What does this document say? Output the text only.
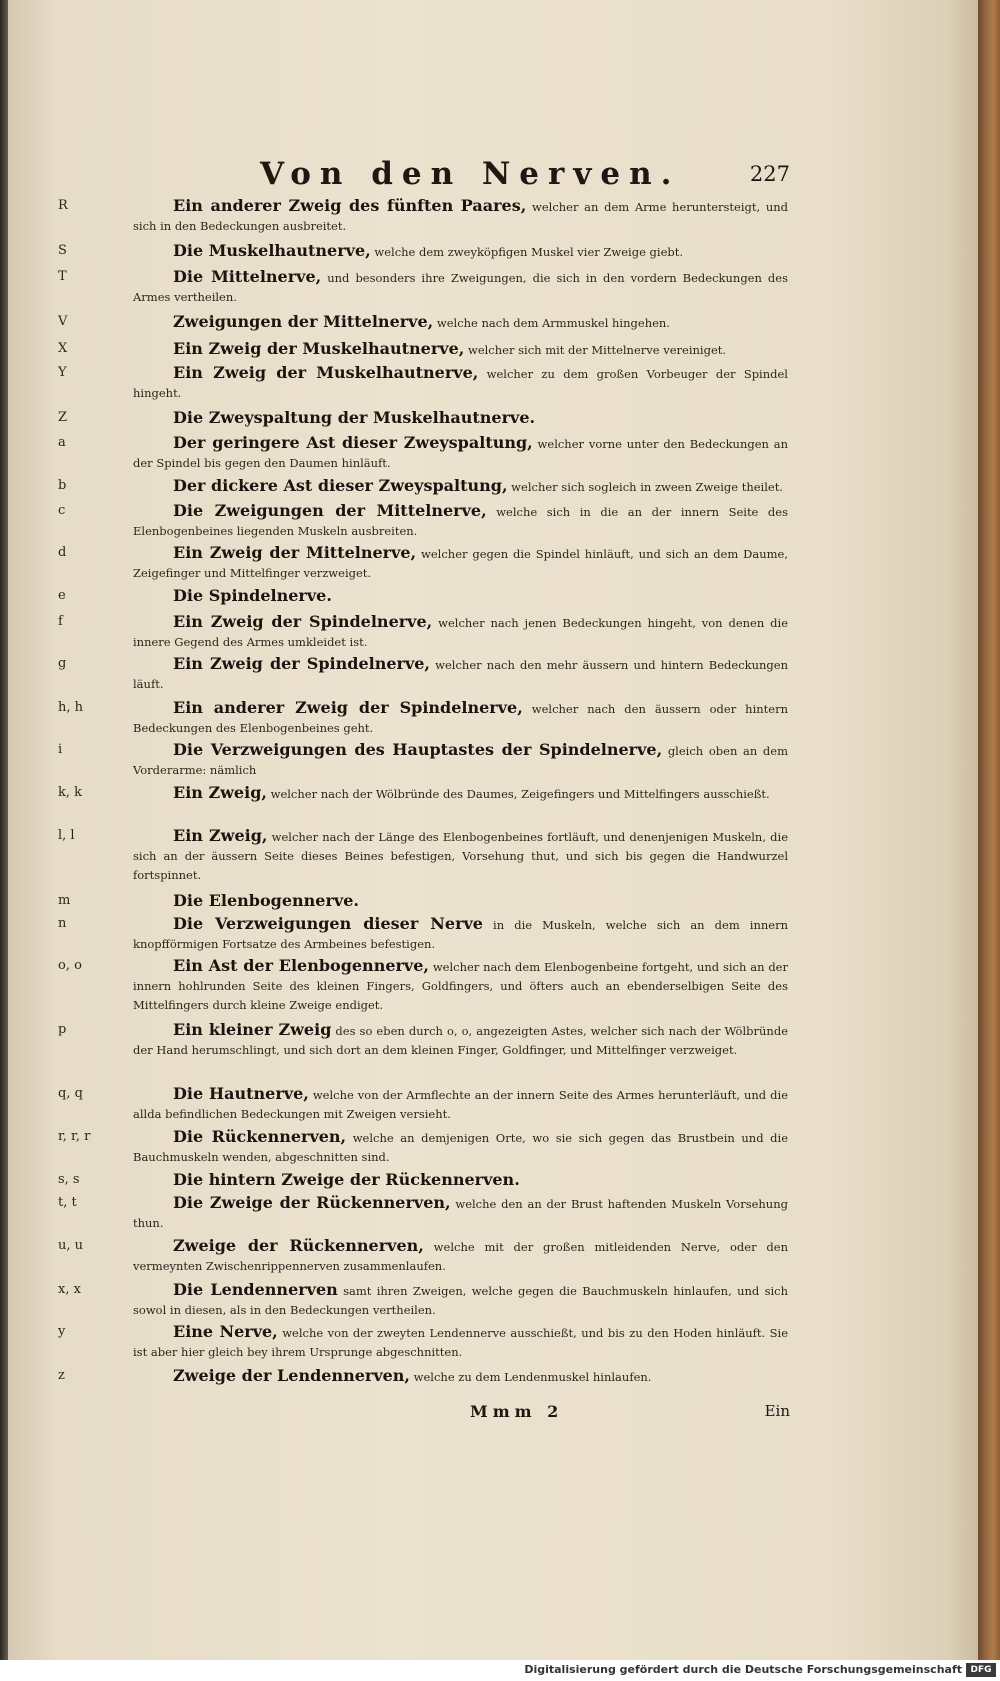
Von den Nerven.	227
R	Ein anderer Zweig des fünften Paares, welcher an dem Arme heruntersteigt, und sich in den Bedeckungen ausbreitet.
S	Die Muskelhautnerve, welche dem zweyköpfigen Muskel vier Zweige giebt.
T	Die Mittelnerve, und besonders ihre Zweigungen, die sich in den vordern Bedeckungen des Armes vertheilen.
V	Zweigungen der Mittelnerve, welche nach dem Armmuskel hingehen.
X	Ein Zweig der Muskelhautnerve, welcher sich mit der Mittelnerve vereiniget.
Y	Ein Zweig der Muskelhautnerve, welcher zu dem großen Vorbeuger der Spindel hingeht.
Z	Die Zweyspaltung der Muskelhautnerve.
a	Der geringere Ast dieser Zweyspaltung, welcher vorne unter den Bedeckungen an der Spindel bis gegen den Daumen hinläuft.
b	Der dickere Ast dieser Zweyspaltung, welcher sich sogleich in zween Zweige theilet.
c	Die Zweigungen der Mittelnerve, welche sich in die an der innern Seite des Elenbogenbeines liegenden Muskeln ausbreiten.
d	Ein Zweig der Mittelnerve, welcher gegen die Spindel hinläuft, und sich an dem Daume, Zeigefinger und Mittelfinger verzweiget.
e	Die Spindelnerve.
f	Ein Zweig der Spindelnerve, welcher nach jenen Bedeckungen hingeht, von denen die innere Gegend des Armes umkleidet ist.
g	Ein Zweig der Spindelnerve, welcher nach den mehr äussern und hintern Bedeckungen läuft.
h, h	Ein anderer Zweig der Spindelnerve, welcher nach den äussern oder hintern Bedeckungen des Elenbogenbeines geht.
i	Die Verzweigungen des Hauptastes der Spindelnerve, gleich oben an dem Vorderarme: nämlich
k, k	Ein Zweig, welcher nach der Wölbründe des Daumes, Zeigefingers und Mittelfingers ausschießt.
l, l	Ein Zweig, welcher nach der Länge des Elenbogenbeines fortläuft, und denenjenigen Muskeln, die sich an der äussern Seite dieses Beines befestigen, Vorsehung thut, und sich bis gegen die Handwurzel fortspinnet.
m	Die Elenbogennerve.
n	Die Verzweigungen dieser Nerve in die Muskeln, welche sich an dem innern knopfförmigen Fortsatze des Armbeines befestigen.
o, o	Ein Ast der Elenbogennerve, welcher nach dem Elenbogenbeine fortgeht, und sich an der innern hohlrunden Seite des kleinen Fingers, Goldfingers, und öfters auch an ebenderselbigen Seite des Mittelfingers durch kleine Zweige endiget.
p	Ein kleiner Zweig des so eben durch o, o, angezeigten Astes, welcher sich nach der Wölbründe der Hand herumschlingt, und sich dort an dem kleinen Finger, Goldfinger, und Mittelfinger verzweiget.
q, q	Die Hautnerve, welche von der Armflechte an der innern Seite des Armes herunterläuft, und die allda befindlichen Bedeckungen mit Zweigen versieht.
r, r, r	Die Rückennerven, welche an demjenigen Orte, wo sie sich gegen das Brustbein und die Bauchmuskeln wenden, abgeschnitten sind.
s, s	Die hintern Zweige der Rückennerven.
t, t	Die Zweige der Rückennerven, welche den an der Brust haftenden Muskeln Vorsehung thun.
u, u	Zweige der Rückennerven, welche mit der großen mitleidenden Nerve, oder den vermeynten Zwischenrippennerven zusammenlaufen.
x, x	Die Lendennerven samt ihren Zweigen, welche gegen die Bauchmuskeln hinlaufen, und sich sowol in diesen, als in den Bedeckungen vertheilen.
y	Eine Nerve, welche von der zweyten Lendennerve ausschießt, und bis zu den Hoden hinläuft. Sie ist aber hier gleich bey ihrem Ursprunge abgeschnitten.
z	Zweige der Lendennerven, welche zu dem Lendenmuskel hinlaufen.
Mmm 2	Ein
Digitalisierung gefördert durch die Deutsche Forschungsgemeinschaft DFG
